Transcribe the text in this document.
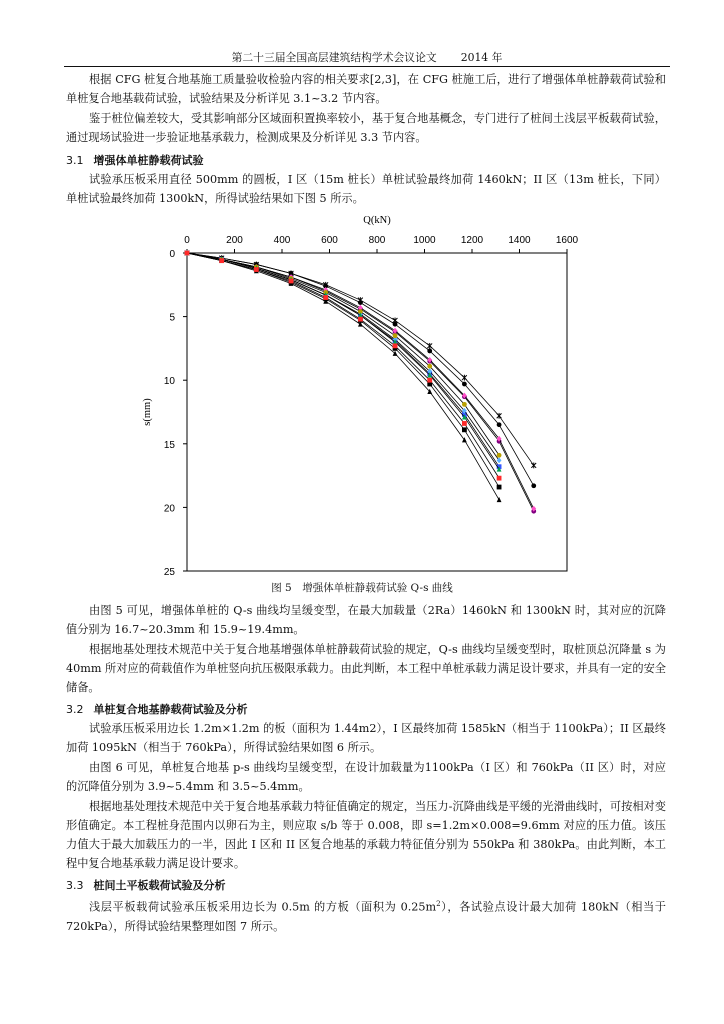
第二十三届全国高层建筑结构学术会议论文 2014 年
根据 CFG 桩复合地基施工质量验收检验内容的相关要求[2,3]，在 CFG 桩施工后，进行了增强体单桩静载荷试验和单桩复合地基载荷试验，试验结果及分析详见 3.1~3.2 节内容。
鉴于桩位偏差较大，受其影响部分区域面积置换率较小，基于复合地基概念，专门进行了桩间土浅层平板载荷试验，通过现场试验进一步验证地基承载力，检测成果及分析详见 3.3 节内容。
3.1 增强体单桩静载荷试验
试验承压板采用直径 500mm 的圆板，I 区（15m 桩长）单桩试验最终加荷 1460kN；II 区（13m 桩长，下同）单桩试验最终加荷 1300kN，所得试验结果如下图 5 所示。
0	200	400	600	800	1000	1200	1400	1600
0
5
10
15
20
25
Q(kN)
s(mm)
图 5　增强体单桩静载荷试验 Q-s 曲线
由图 5 可见，增强体单桩的 Q-s 曲线均呈缓变型，在最大加载量（2Ra）1460kN 和 1300kN 时，其对应的沉降值分别为 16.7~20.3mm 和 15.9~19.4mm。
根据地基处理技术规范中关于复合地基增强体单桩静载荷试验的规定，Q-s 曲线均呈缓变型时，取桩顶总沉降量 s 为 40mm 所对应的荷载值作为单桩竖向抗压极限承载力。由此判断，本工程中单桩承载力满足设计要求，并具有一定的安全储备。
3.2 单桩复合地基静载荷试验及分析
试验承压板采用边长 1.2m×1.2m 的板（面积为 1.44m2），I 区最终加荷 1585kN（相当于 1100kPa）；II 区最终加荷 1095kN（相当于 760kPa），所得试验结果如图 6 所示。
由图 6 可见，单桩复合地基 p-s 曲线均呈缓变型，在设计加载量为1100kPa（I 区）和 760kPa（II 区）时，对应的沉降值分别为 3.9~5.4mm 和 3.5~5.4mm。
根据地基处理技术规范中关于复合地基承载力特征值确定的规定，当压力-沉降曲线是平缓的光滑曲线时，可按相对变形值确定。本工程桩身范围内以卵石为主，则应取 s/b 等于 0.008，即 s=1.2m×0.008=9.6mm 对应的压力值。该压力值大于最大加载压力的一半，因此 I 区和 II 区复合地基的承载力特征值分别为 550kPa 和 380kPa。由此判断，本工程中复合地基承载力满足设计要求。
3.3 桩间土平板载荷试验及分析
浅层平板载荷试验承压板采用边长为 0.5m 的方板（面积为 $0.25m^2$），各试验点设计最大加荷 180kN（相当于 720kPa），所得试验结果整理如图 7 所示。
